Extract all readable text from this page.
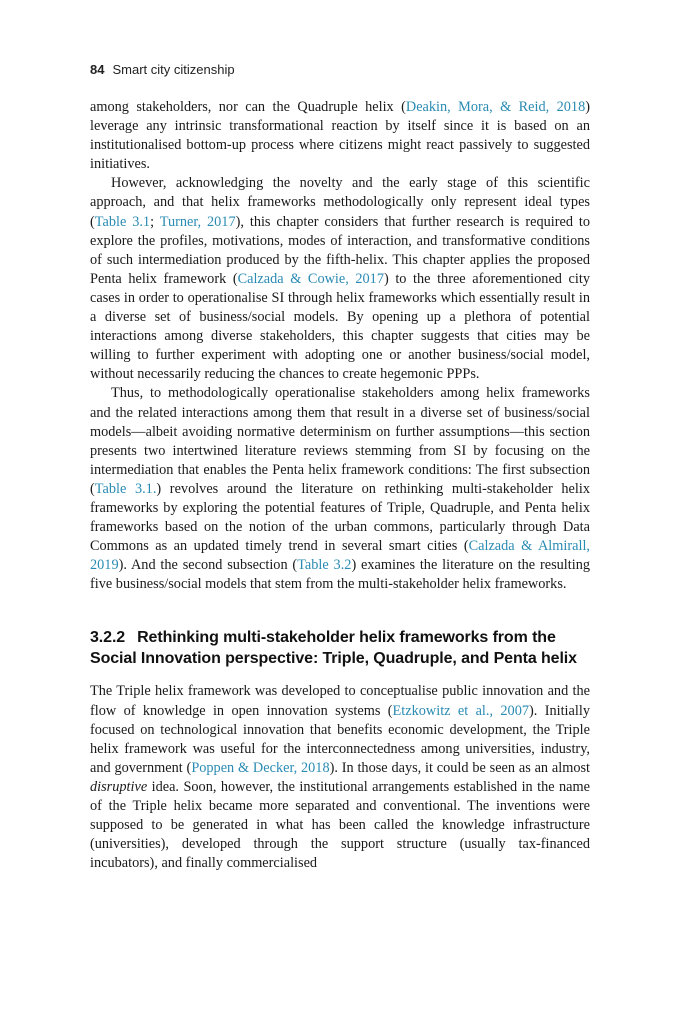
84 Smart city citizenship

among stakeholders, nor can the Quadruple helix (Deakin, Mora, & Reid, 2018) leverage any intrinsic transformational reaction by itself since it is based on an institutionalised bottom-up process where citizens might react passively to suggested initiatives.

However, acknowledging the novelty and the early stage of this scientific approach, and that helix frameworks methodologically only represent ideal types (Table 3.1; Turner, 2017), this chapter considers that further research is required to explore the profiles, motivations, modes of interaction, and transformative conditions of such intermediation produced by the fifth-helix. This chapter applies the proposed Penta helix framework (Calzada & Cowie, 2017) to the three aforementioned city cases in order to operationalise SI through helix frameworks which essentially result in a diverse set of business/social models. By opening up a plethora of potential interactions among diverse stakeholders, this chapter suggests that cities may be willing to further experiment with adopting one or another business/social model, without necessarily reducing the chances to create hegemonic PPPs.

Thus, to methodologically operationalise stakeholders among helix frameworks and the related interactions among them that result in a diverse set of business/social models—albeit avoiding normative determinism on further assumptions—this section presents two intertwined literature reviews stemming from SI by focusing on the intermediation that enables the Penta helix framework conditions: The first subsection (Table 3.1.) revolves around the literature on rethinking multi-stakeholder helix frameworks by exploring the potential features of Triple, Quadruple, and Penta helix frameworks based on the notion of the urban commons, particularly through Data Commons as an updated timely trend in several smart cities (Calzada & Almirall, 2019). And the second subsection (Table 3.2) examines the literature on the resulting five business/social models that stem from the multi-stakeholder helix frameworks.

3.2.2 Rethinking multi-stakeholder helix frameworks from the Social Innovation perspective: Triple, Quadruple, and Penta helix

The Triple helix framework was developed to conceptualise public innovation and the flow of knowledge in open innovation systems (Etzkowitz et al., 2007). Initially focused on technological innovation that benefits economic development, the Triple helix framework was useful for the interconnectedness among universities, industry, and government (Poppen & Decker, 2018). In those days, it could be seen as an almost disruptive idea. Soon, however, the institutional arrangements established in the name of the Triple helix became more separated and conventional. The inventions were supposed to be generated in what has been called the knowledge infrastructure (universities), developed through the support structure (usually tax-financed incubators), and finally commercialised
